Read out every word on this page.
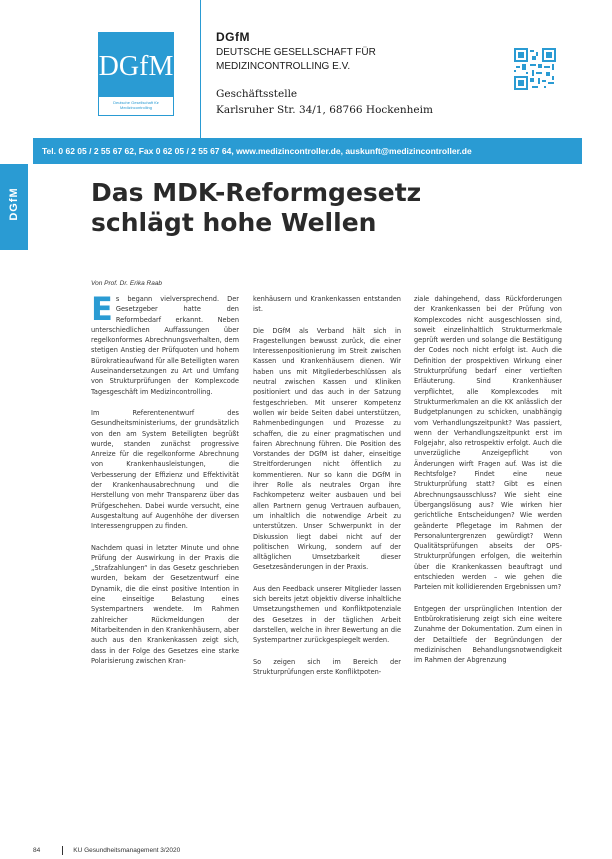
DGfM
Deutsche Gesellschaft für Medizincontrolling
DGfM
DEUTSCHE GESELLSCHAFT FÜR
MEDIZINCONTROLLING E.V.
Geschäftsstelle
Karlsruher Str. 34/1, 68766 Hockenheim
Tel. 0 62 05 / 2 55 67 62, Fax 0 62 05 / 2 55 67 64, www.medizincontroller.de, auskunft@medizincontroller.de
DGfM	Das MDK-Reformgesetz
schlägt hohe Wellen
Von Prof. Dr. Erika Raab

Es begann vielversprechend. Der Gesetzgeber hatte den Reformbedarf erkannt. Neben unterschiedlichen Auffassungen über regelkonformes Abrechnungsverhalten, dem stetigen Anstieg der Prüfquoten und hohem Bürokratieaufwand für alle Beteiligten waren Auseinandersetzungen zu Art und Umfang von Strukturprüfungen der Komplexcode Tagesgeschäft im Medizincontrolling.

Im Referentenentwurf des Gesundheitsministeriums, der grundsätzlich von den am System Beteiligten begrüßt wurde, standen zunächst progressive Anreize für die regelkonforme Abrechnung von Krankenhausleistungen, die Verbesserung der Effizienz und Effektivität der Krankenhausabrechnung und die Herstellung von mehr Transparenz über das Prüfgeschehen. Dabei wurde versucht, eine Ausgestaltung auf Augenhöhe der diversen Interessengruppen zu finden.

Nachdem quasi in letzter Minute und ohne Prüfung der Auswirkung in der Praxis die „Strafzahlungen“ in das Gesetz geschrieben wurden, bekam der Gesetzentwurf eine Dynamik, die die einst positive Intention in eine einseitige Belastung eines Systempartners wendete. Im Rahmen zahlreicher Rückmeldungen der Mitarbeitenden in den Krankenhäusern, aber auch aus den Krankenkassen zeigt sich, dass in der Folge des Gesetzes eine starke Polarisierung zwischen Kran-

kenhäusern und Krankenkassen entstanden ist.

Die DGfM als Verband hält sich in Fragestellungen bewusst zurück, die einer Interessenpositionierung im Streit zwischen Kassen und Krankenhäusern dienen. Wir haben uns mit Mitgliederbeschlüssen als neutral zwischen Kassen und Kliniken positioniert und das auch in der Satzung festgeschrieben. Mit unserer Kompetenz wollen wir beide Seiten dabei unterstützen, Rahmenbedingungen und Prozesse zu schaffen, die zu einer pragmatischen und fairen Abrechnung führen. Die Position des Vorstandes der DGfM ist daher, einseitige Streitforderungen nicht öffentlich zu kommentieren. Nur so kann die DGfM in ihrer Rolle als neutrales Organ ihre Fachkompetenz weiter ausbauen und bei allen Partnern genug Vertrauen aufbauen, um inhaltlich die notwendige Arbeit zu unterstützen. Unser Schwerpunkt in der Diskussion liegt dabei nicht auf der politischen Wirkung, sondern auf der alltäglichen Umsetzbarkeit dieser Gesetzesänderungen in der Praxis.

Aus den Feedback unserer Mitglieder lassen sich bereits jetzt objektiv diverse inhaltliche Umsetzungsthemen und Konfliktpotenziale des Gesetzes in der täglichen Arbeit darstellen, welche in ihrer Bewertung an die Systempartner zurückgespiegelt werden.

So zeigen sich im Bereich der Strukturprüfungen erste Konfliktpoten-

ziale dahingehend, dass Rückforderungen der Krankenkassen bei der Prüfung von Komplexcodes nicht ausgeschlossen sind, soweit einzelinhaltlich Strukturmerkmale geprüft werden und solange die Bestätigung der Codes noch nicht erfolgt ist. Auch die Definition der prospektiven Wirkung einer Strukturprüfung bedarf einer vertieften Erläuterung. Sind Krankenhäuser verpflichtet, alle Komplexcodes mit Strukturmerkmalen an die KK anlässlich der Budgetplanungen zu schicken, unabhängig vom Verhandlungszeitpunkt? Was passiert, wenn der Verhandlungszeitpunkt erst im Folgejahr, also retrospektiv erfolgt. Auch die unverzügliche Anzeigepflicht von Änderungen wirft Fragen auf. Was ist die Rechtsfolge? Findet eine neue Strukturprüfung statt? Gibt es einen Abrechnungsausschluss? Wie sieht eine Übergangslösung aus? Wie wirken hier gerichtliche Entscheidungen? Wie werden geänderte Pflegetage im Rahmen der Personaluntergrenzen gewürdigt? Wenn Qualitätsprüfungen abseits der OPS-Strukturprüfungen erfolgen, die weiterhin über die Krankenkassen beauftragt und entschieden werden – wie gehen die Parteien mit kollidierenden Ergebnissen um?

Entgegen der ursprünglichen Intention der Entbürokratisierung zeigt sich eine weitere Zunahme der Dokumentation. Zum einen in der Detailtiefe der Begründungen der medizinischen Behandlungsnotwendigkeit im Rahmen der Abgrenzung

84	KU Gesundheitsmanagement 3/2020
